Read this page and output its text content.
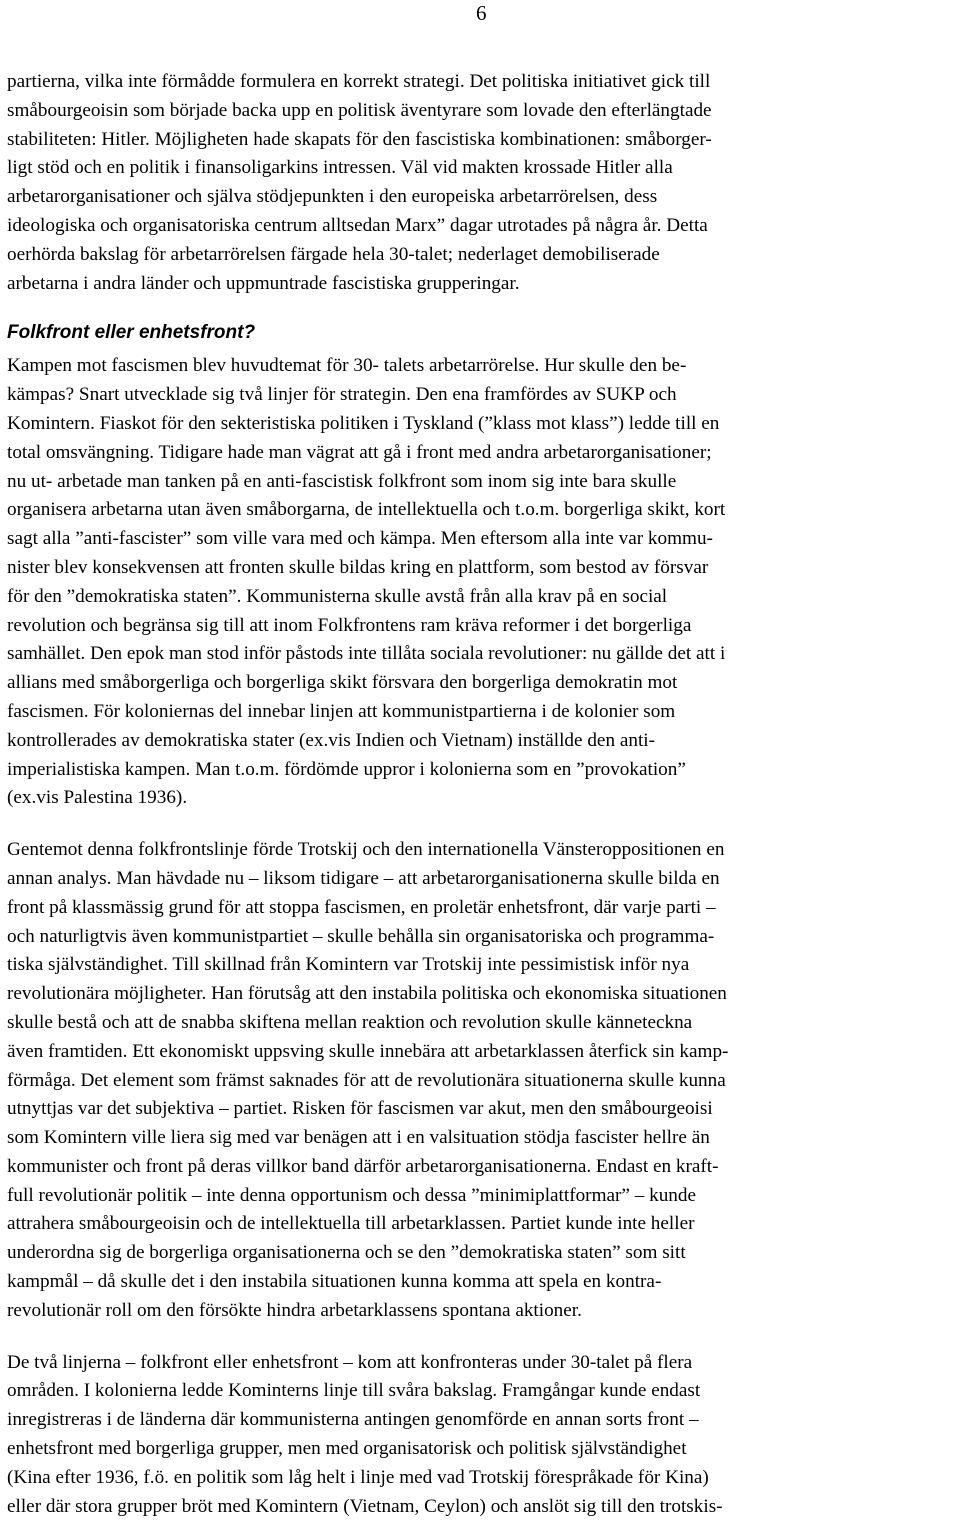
6
partierna, vilka inte förmådde formulera en korrekt strategi. Det politiska initiativet gick till
småbourgeoisin som började backa upp en politisk äventyrare som lovade den efterlängtade
stabiliteten: Hitler. Möjligheten hade skapats för den fascistiska kombinationen: småborger-
ligt stöd och en politik i finansoligarkins intressen. Väl vid makten krossade Hitler alla
arbetarorganisationer och själva stödjepunkten i den europeiska arbetarrörelsen, dess
ideologiska och organisatoriska centrum alltsedan Marx” dagar utrotades på några år. Detta
oerhörda bakslag för arbetarrörelsen färgade hela 30-talet; nederlaget demobiliserade
arbetarna i andra länder och uppmuntrade fascistiska grupperingar.
Folkfront eller enhetsfront?
Kampen mot fascismen blev huvudtemat för 30- talets arbetarrörelse. Hur skulle den be-
kämpas? Snart utvecklade sig två linjer för strategin. Den ena framfördes av SUKP och
Komintern. Fiaskot för den sekteristiska politiken i Tyskland (”klass mot klass”) ledde till en
total omsvängning. Tidigare hade man vägrat att gå i front med andra arbetarorganisationer;
nu ut- arbetade man tanken på en anti-fascistisk folkfront som inom sig inte bara skulle
organisera arbetarna utan även småborgarna, de intellektuella och t.o.m. borgerliga skikt, kort
sagt alla ”anti-fascister” som ville vara med och kämpa. Men eftersom alla inte var kommu-
nister blev konsekvensen att fronten skulle bildas kring en plattform, som bestod av försvar
för den ”demokratiska staten”. Kommunisterna skulle avstå från alla krav på en social
revolution och begränsa sig till att inom Folkfrontens ram kräva reformer i det borgerliga
samhället. Den epok man stod inför påstods inte tillåta sociala revolutioner: nu gällde det att i
allians med småborgerliga och borgerliga skikt försvara den borgerliga demokratin mot
fascismen. För koloniernas del innebar linjen att kommunistpartierna i de kolonier som
kontrollerades av demokratiska stater (ex.vis Indien och Vietnam) inställde den anti-
imperialistiska kampen. Man t.o.m. fördömde uppror i kolonierna som en ”provokation”
(ex.vis Palestina 1936).
Gentemot denna folkfrontslinje förde Trotskij och den internationella Vänsteroppositionen en
annan analys. Man hävdade nu – liksom tidigare – att arbetarorganisationerna skulle bilda en
front på klassmässig grund för att stoppa fascismen, en proletär enhetsfront, där varje parti –
och naturligtvis även kommunistpartiet – skulle behålla sin organisatoriska och programma-
tiska självständighet. Till skillnad från Komintern var Trotskij inte pessimistisk inför nya
revolutionära möjligheter. Han förutsåg att den instabila politiska och ekonomiska situationen
skulle bestå och att de snabba skiftena mellan reaktion och revolution skulle känneteckna
även framtiden. Ett ekonomiskt uppsving skulle innebära att arbetarklassen återfick sin kamp-
förmåga. Det element som främst saknades för att de revolutionära situationerna skulle kunna
utnyttjas var det subjektiva – partiet. Risken för fascismen var akut, men den småbourgeoisi
som Komintern ville liera sig med var benägen att i en valsituation stödja fascister hellre än
kommunister och front på deras villkor band därför arbetarorganisationerna. Endast en kraft-
full revolutionär politik – inte denna opportunism och dessa ”minimiplattformar” – kunde
attrahera småbourgeoisin och de intellektuella till arbetarklassen. Partiet kunde inte heller
underordna sig de borgerliga organisationerna och se den ”demokratiska staten” som sitt
kampmål – då skulle det i den instabila situationen kunna komma att spela en kontra-
revolutionär roll om den försökte hindra arbetarklassens spontana aktioner.
De två linjerna – folkfront eller enhetsfront – kom att konfronteras under 30-talet på flera
områden. I kolonierna ledde Kominterns linje till svåra bakslag. Framgångar kunde endast
inregistreras i de länderna där kommunisterna antingen genomförde en annan sorts front –
enhetsfront med borgerliga grupper, men med organisatorisk och politisk självständighet
(Kina efter 1936, f.ö. en politik som låg helt i linje med vad Trotskij förespråkade för Kina)
eller där stora grupper bröt med Komintern (Vietnam, Ceylon) och anslöt sig till den trotskis-
